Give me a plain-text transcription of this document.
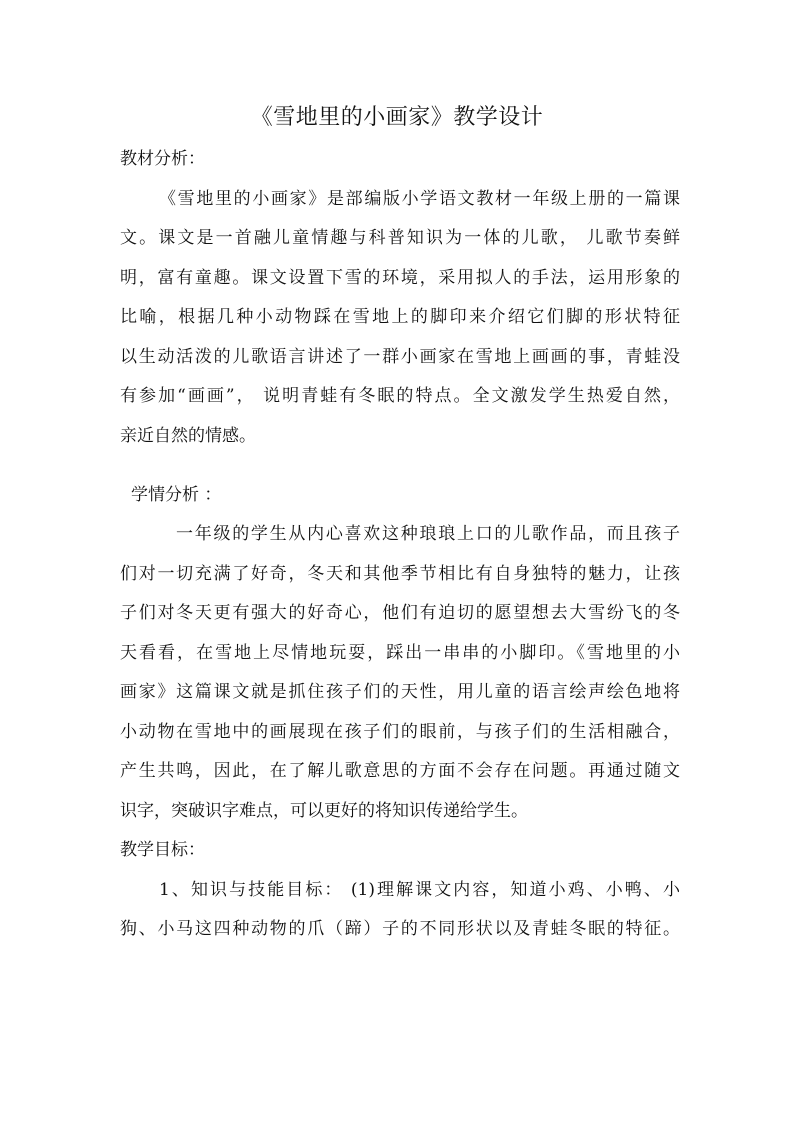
《雪地里的小画家》教学设计

教材分析：

《雪地里的小画家》是部编版小学语文教材一年级上册的一篇课

文。课文是一首融儿童情趣与科普知识为一体的儿歌， 儿歌节奏鲜

明，富有童趣。课文设置下雪的环境，采用拟人的手法，运用形象的

比喻，根据几种小动物踩在雪地上的脚印来介绍它们脚的形状特征

以生动活泼的儿歌语言讲述了一群小画家在雪地上画画的事，青蛙没

有参加“画画”， 说明青蛙有冬眠的特点。全文激发学生热爱自然，

亲近自然的情感。

学情分析 ：

一年级的学生从内心喜欢这种琅琅上口的儿歌作品，而且孩子

们对一切充满了好奇，冬天和其他季节相比有自身独特的魅力，让孩

子们对冬天更有强大的好奇心，他们有迫切的愿望想去大雪纷飞的冬

天看看，在雪地上尽情地玩耍，踩出一串串的小脚印。《雪地里的小

画家》这篇课文就是抓住孩子们的天性，用儿童的语言绘声绘色地将

小动物在雪地中的画展现在孩子们的眼前，与孩子们的生活相融合，

产生共鸣，因此，在了解儿歌意思的方面不会存在问题。再通过随文

识字，突破识字难点，可以更好的将知识传递给学生。

教学目标：

1、知识与技能目标： (1)理解课文内容，知道小鸡、小鸭、小

狗、小马这四种动物的爪（蹄）子的不同形状以及青蛙冬眠的特征。
